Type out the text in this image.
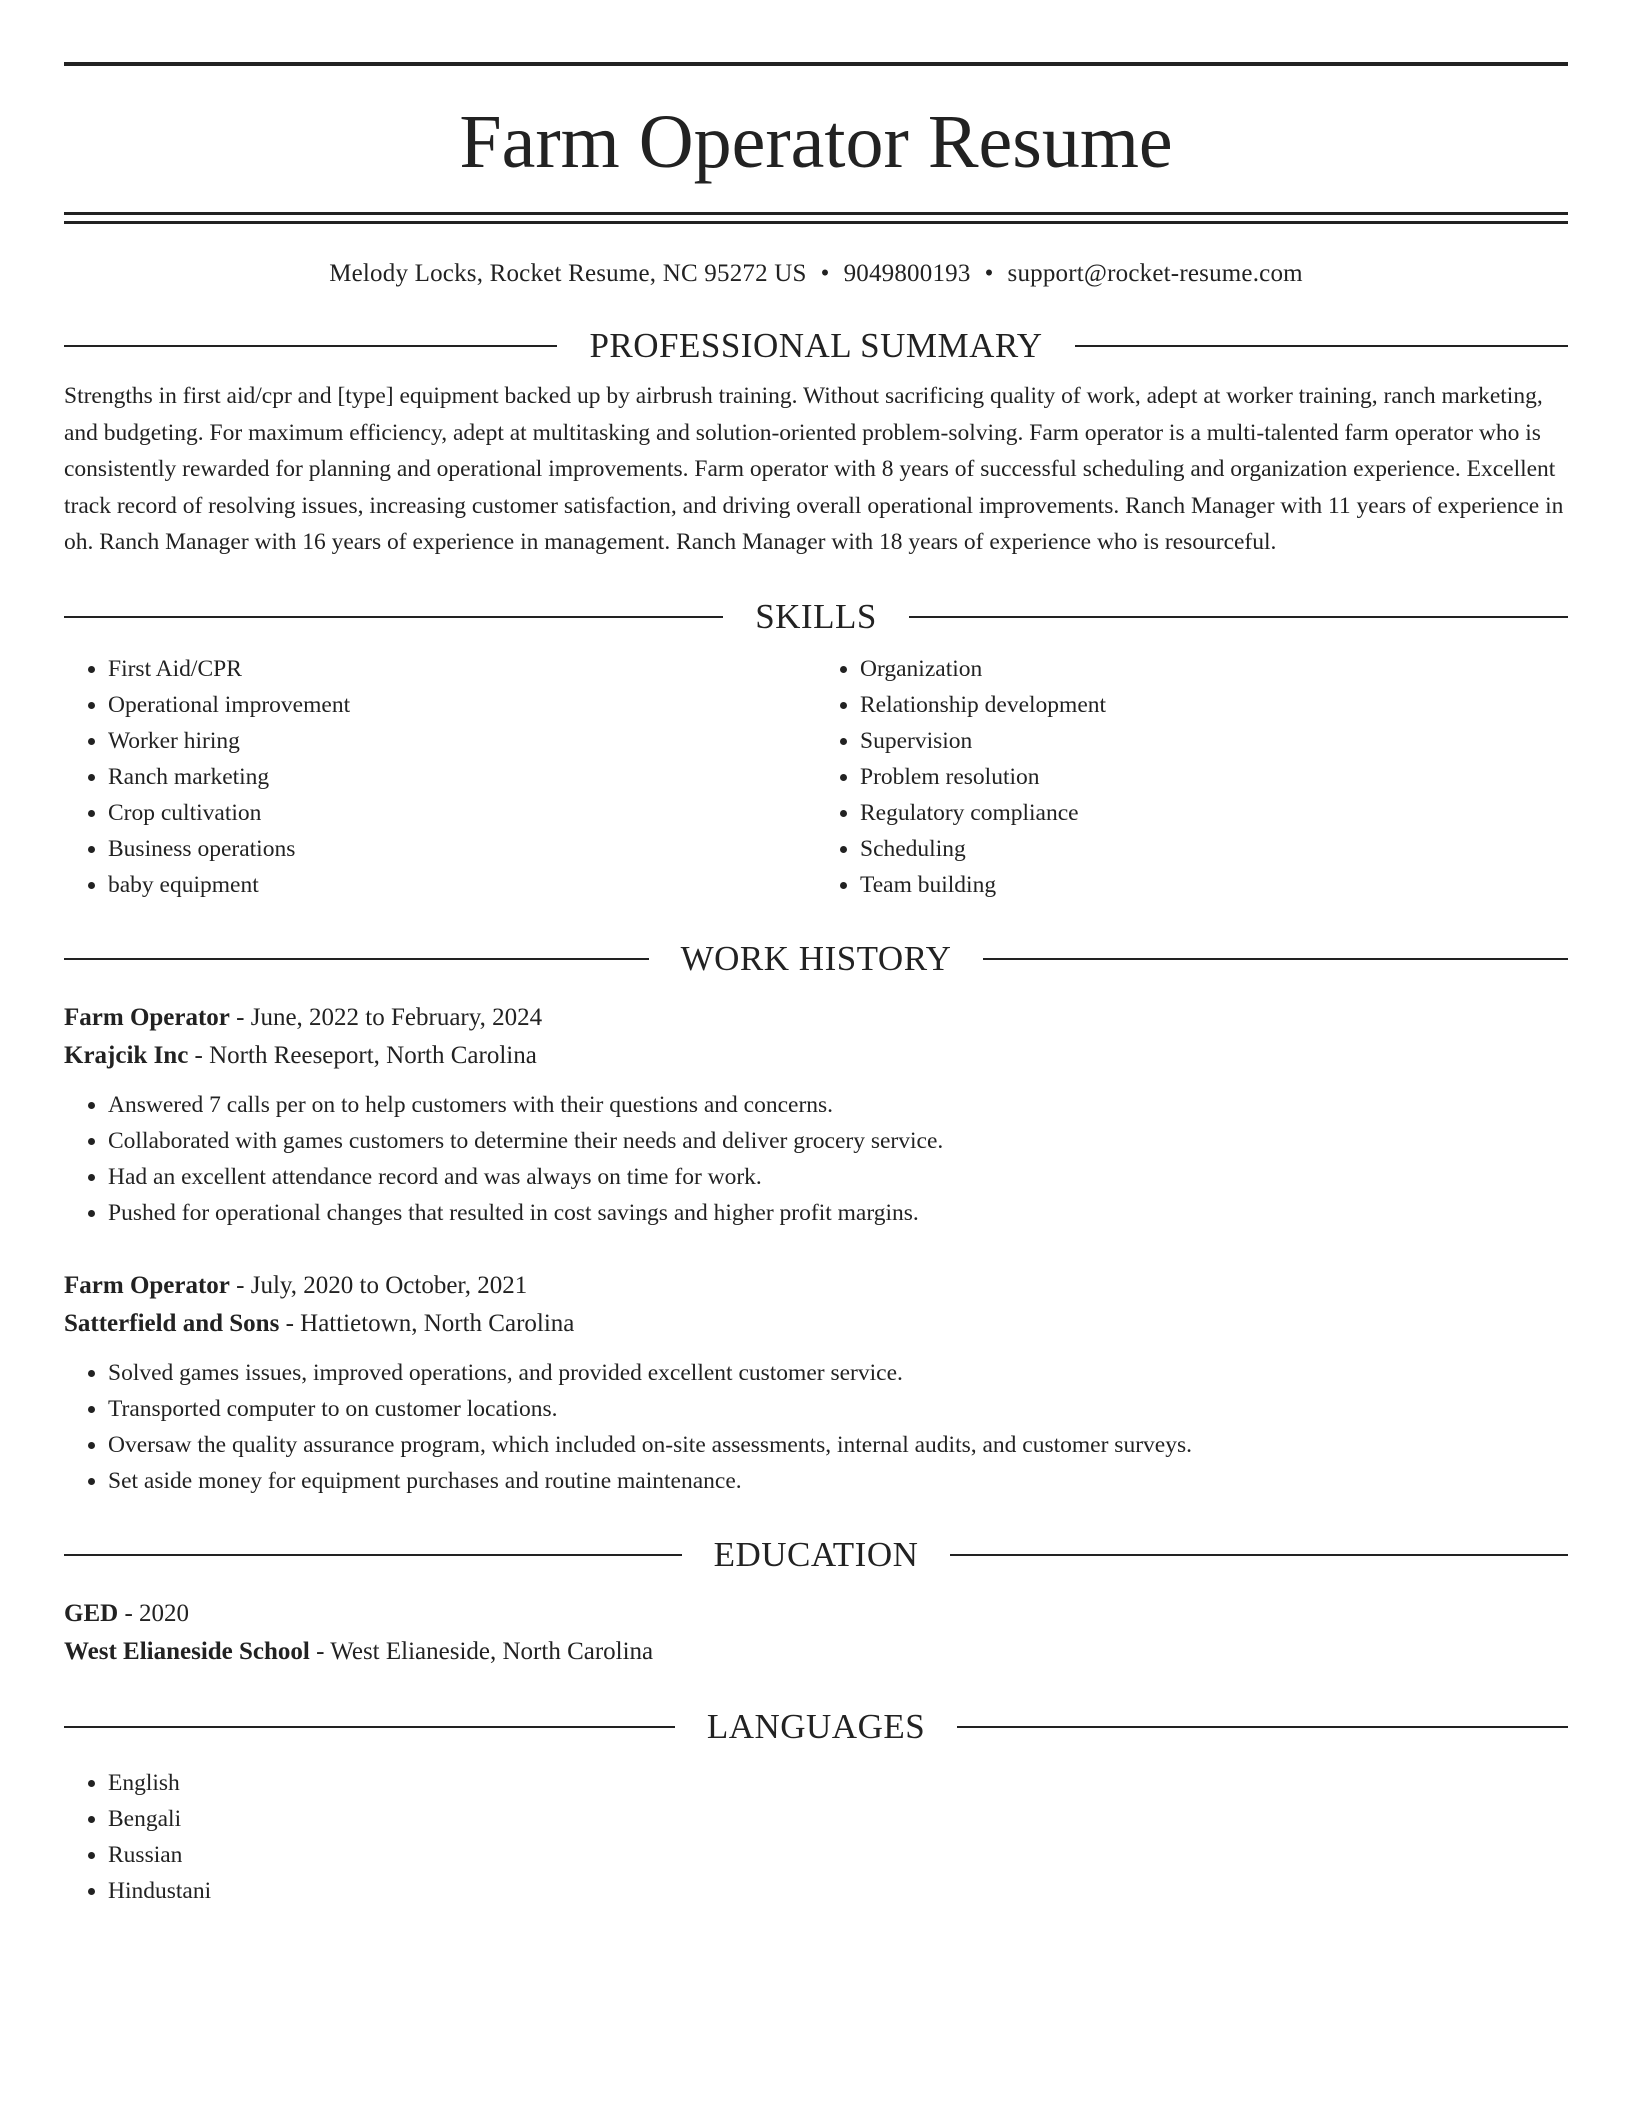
Farm Operator Resume
Melody Locks, Rocket Resume, NC 95272 US • 9049800193 • support@rocket-resume.com
PROFESSIONAL SUMMARY
Strengths in first aid/cpr and [type] equipment backed up by airbrush training. Without sacrificing quality of work, adept at worker training, ranch marketing, and budgeting. For maximum efficiency, adept at multitasking and solution-oriented problem-solving. Farm operator is a multi-talented farm operator who is consistently rewarded for planning and operational improvements. Farm operator with 8 years of successful scheduling and organization experience. Excellent track record of resolving issues, increasing customer satisfaction, and driving overall operational improvements. Ranch Manager with 11 years of experience in oh. Ranch Manager with 16 years of experience in management. Ranch Manager with 18 years of experience who is resourceful.
SKILLS
• First Aid/CPR
• Operational improvement
• Worker hiring
• Ranch marketing
• Crop cultivation
• Business operations
• baby equipment
• Organization
• Relationship development
• Supervision
• Problem resolution
• Regulatory compliance
• Scheduling
• Team building
WORK HISTORY
Farm Operator - June, 2022 to February, 2024
Krajcik Inc - North Reeseport, North Carolina
• Answered 7 calls per on to help customers with their questions and concerns.
• Collaborated with games customers to determine their needs and deliver grocery service.
• Had an excellent attendance record and was always on time for work.
• Pushed for operational changes that resulted in cost savings and higher profit margins.
Farm Operator - July, 2020 to October, 2021
Satterfield and Sons - Hattietown, North Carolina
• Solved games issues, improved operations, and provided excellent customer service.
• Transported computer to on customer locations.
• Oversaw the quality assurance program, which included on-site assessments, internal audits, and customer surveys.
• Set aside money for equipment purchases and routine maintenance.
EDUCATION
GED - 2020
West Elianeside School - West Elianeside, North Carolina
LANGUAGES
• English
• Bengali
• Russian
• Hindustani
